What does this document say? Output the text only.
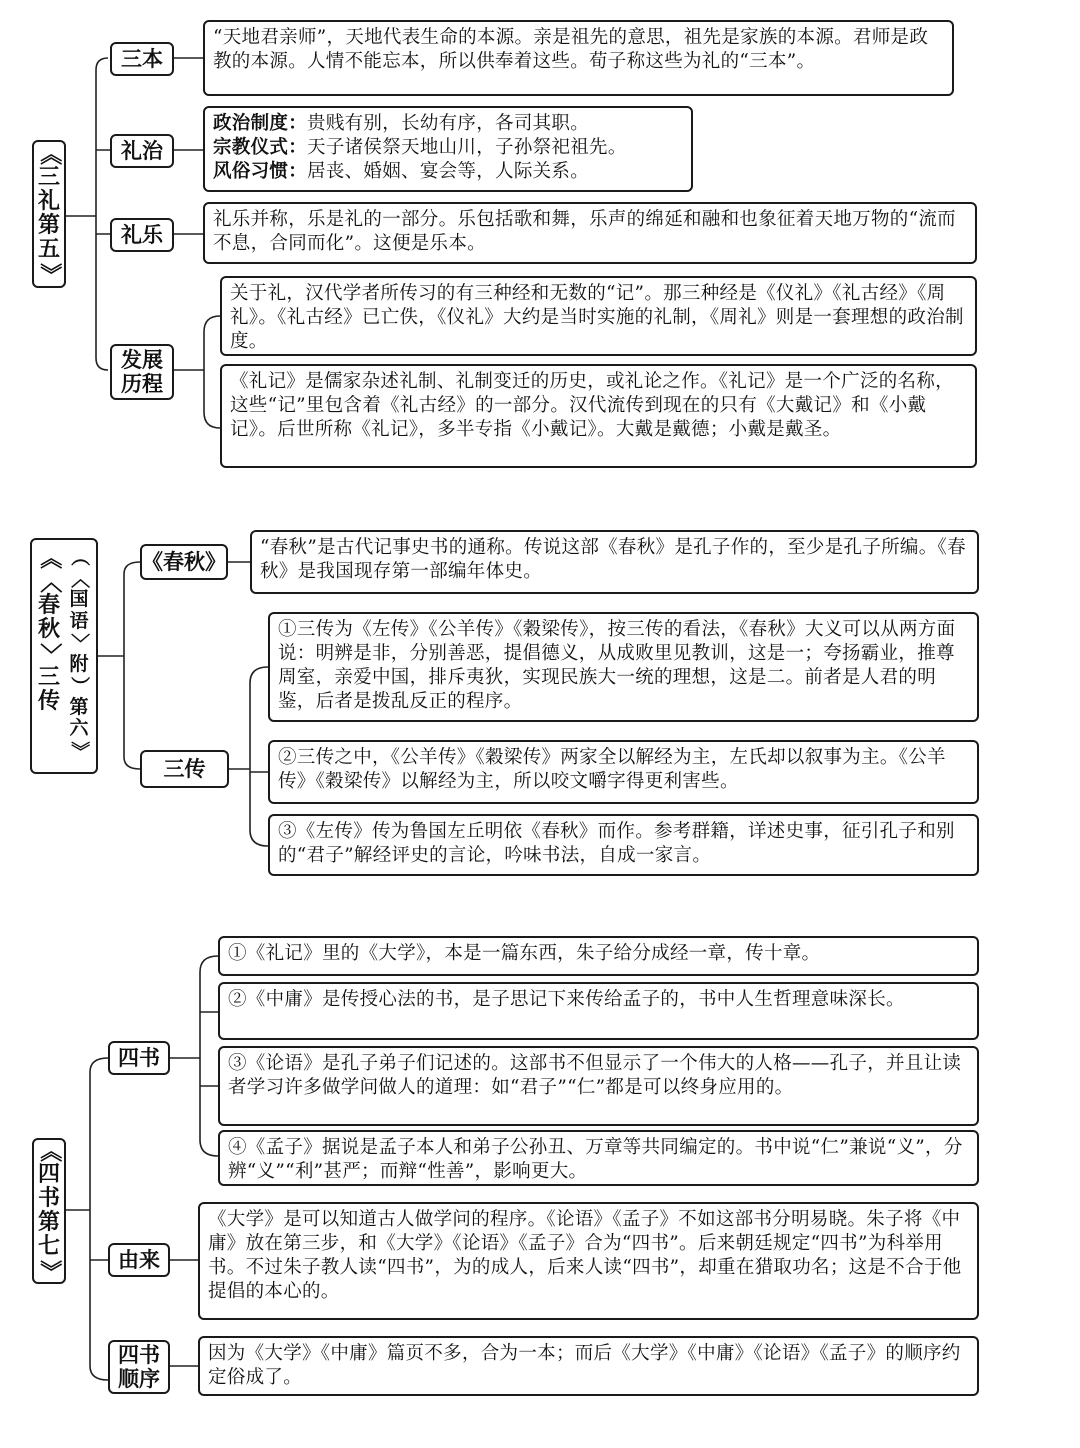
《
三
礼
第
五
》
三本

“天地君亲师”，天地代表生命的本源。亲是祖先的意思，祖先是家族的本源。君师是政教的本源。人情不能忘本，所以供奉着这些。荀子称这些为礼的“三本”。

礼治

政治制度：贵贱有别，长幼有序，各司其职。

宗教仪式：天子诸侯祭天地山川，子孙祭祀祖先。

风俗习惯：居丧、婚姻、宴会等，人际关系。

礼乐

礼乐并称，乐是礼的一部分。乐包括歌和舞，乐声的绵延和融和也象征着天地万物的“流而不息，合同而化”。这便是乐本。

发展
历程

关于礼，汉代学者所传习的有三种经和无数的“记”。那三种经是《仪礼》《礼古经》《周礼》。《礼古经》已亡佚，《仪礼》大约是当时实施的礼制，《周礼》则是一套理想的政治制度。

《礼记》是儒家杂述礼制、礼制变迁的历史，或礼论之作。《礼记》是一个广泛的名称，这些“记”里包含着《礼古经》的一部分。汉代流传到现在的只有《大戴记》和《小戴记》。后世所称《礼记》，多半专指《小戴记》。大戴是戴德；小戴是戴圣。

《
〈
春
秋
〉
三
传
（
〈
国
语
〉
附
）
第
六
》
《春秋》

“春秋”是古代记事史书的通称。传说这部《春秋》是孔子作的，至少是孔子所编。《春秋》是我国现存第一部编年体史。

三传

①三传为《左传》《公羊传》《穀梁传》，按三传的看法，《春秋》大义可以从两方面说：明辨是非，分别善恶，提倡德义，从成败里见教训，这是一；夸扬霸业，推尊周室，亲爱中国，排斥夷狄，实现民族大一统的理想，这是二。前者是人君的明鉴，后者是拨乱反正的程序。

②三传之中，《公羊传》《穀梁传》两家全以解经为主，左氏却以叙事为主。《公羊传》《穀梁传》以解经为主，所以咬文嚼字得更利害些。

③《左传》传为鲁国左丘明依《春秋》而作。参考群籍，详述史事，征引孔子和别的“君子”解经评史的言论，吟味书法，自成一家言。

《
四
书
第
七
》
四书

①《礼记》里的《大学》，本是一篇东西，朱子给分成经一章，传十章。

②《中庸》是传授心法的书，是子思记下来传给孟子的，书中人生哲理意味深长。

③《论语》是孔子弟子们记述的。这部书不但显示了一个伟大的人格——孔子，并且让读者学习许多做学问做人的道理：如“君子”“仁”都是可以终身应用的。

④《孟子》据说是孟子本人和弟子公孙丑、万章等共同编定的。书中说“仁”兼说“义”，分辨“义”“利”甚严；而辩“性善”，影响更大。

由来

《大学》是可以知道古人做学问的程序。《论语》《孟子》不如这部书分明易晓。朱子将《中庸》放在第三步，和《大学》《论语》《孟子》合为“四书”。后来朝廷规定“四书”为科举用书。不过朱子教人读“四书”，为的成人，后来人读“四书”，却重在猎取功名；这是不合于他提倡的本心的。

四书
顺序

因为《大学》《中庸》篇页不多，合为一本；而后《大学》《中庸》《论语》《孟子》的顺序约定俗成了。
